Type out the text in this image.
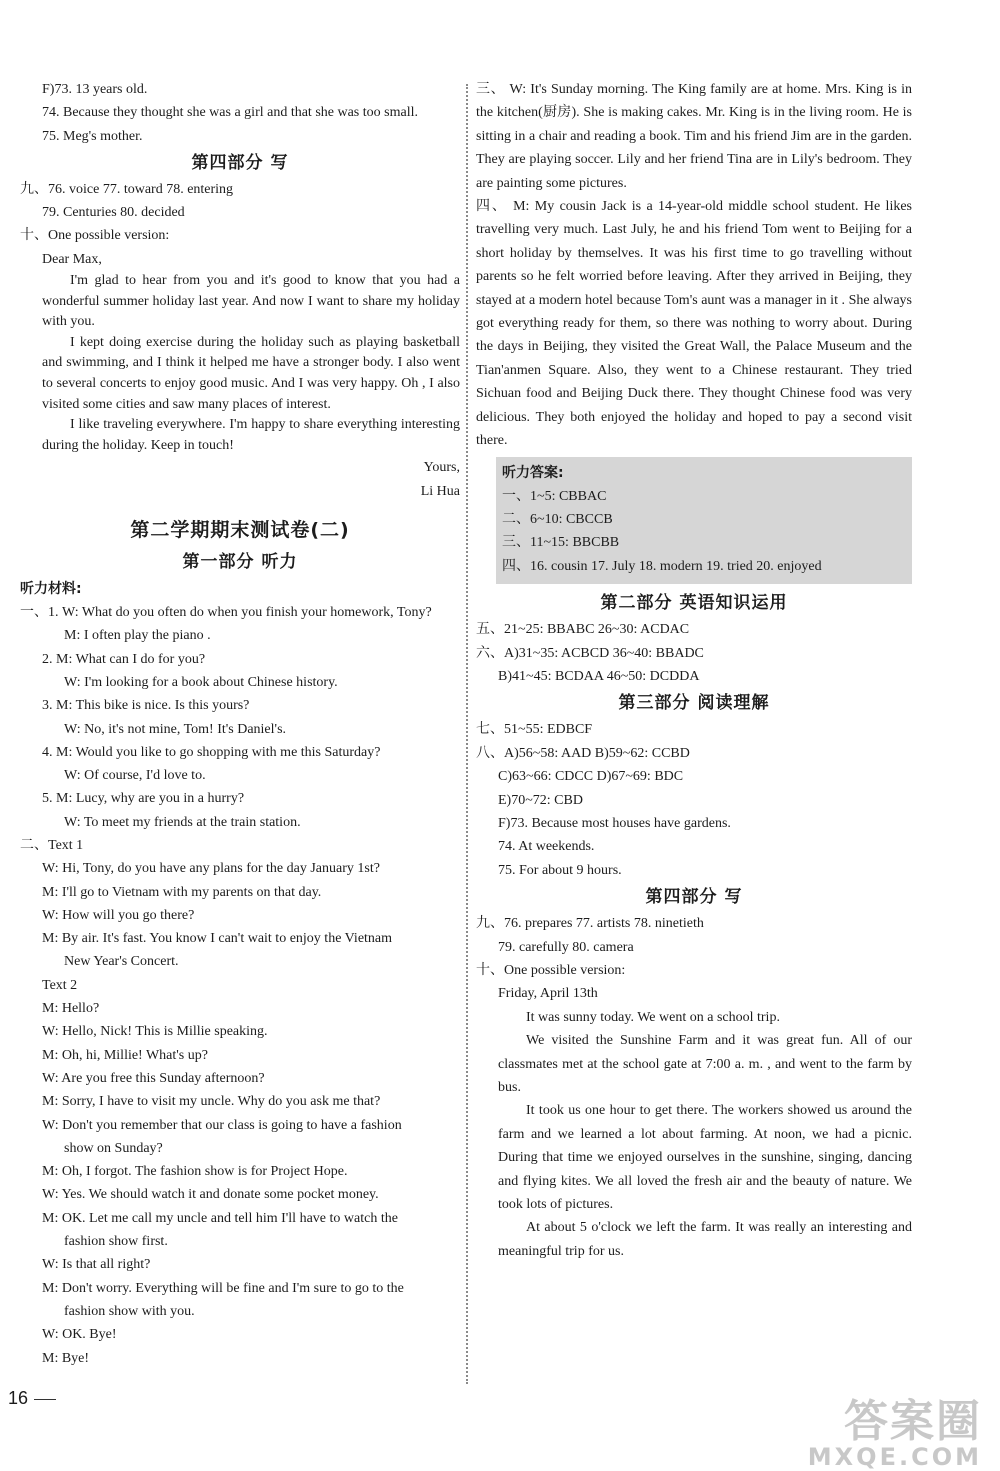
F)73. 13 years old.
74. Because they thought she was a girl and that she was too small.
75. Meg's mother.
第四部分 写
九、76. voice 77. toward 78. entering
79. Centuries 80. decided
十、One possible version:
Dear Max,
I'm glad to hear from you and it's good to know that you had a wonderful summer holiday last year. And now I want to share my holiday with you.
I kept doing exercise during the holiday such as playing basketball and swimming, and I think it helped me have a stronger body. I also went to several concerts to enjoy good music. And I was very happy. Oh , I also visited some cities and saw many places of interest.
I like traveling everywhere. I'm happy to share everything interesting during the holiday. Keep in touch!
Yours,
Li Hua
第二学期期末测试卷(二)
第一部分 听力
听力材料:
一、1. W: What do you often do when you finish your homework, Tony?
M: I often play the piano .
2. M: What can I do for you?
W: I'm looking for a book about Chinese history.
3. M: This bike is nice. Is this yours?
W: No, it's not mine, Tom! It's Daniel's.
4. M: Would you like to go shopping with me this Saturday?
W: Of course, I'd love to.
5. M: Lucy, why are you in a hurry?
W: To meet my friends at the train station.
二、Text 1
W: Hi, Tony, do you have any plans for the day January 1st?
M: I'll go to Vietnam with my parents on that day.
W: How will you go there?
M: By air. It's fast. You know I can't wait to enjoy the Vietnam
New Year's Concert.
Text 2
M: Hello?
W: Hello, Nick! This is Millie speaking.
M: Oh, hi, Millie! What's up?
W: Are you free this Sunday afternoon?
M: Sorry, I have to visit my uncle. Why do you ask me that?
W: Don't you remember that our class is going to have a fashion
show on Sunday?
M: Oh, I forgot. The fashion show is for Project Hope.
W: Yes. We should watch it and donate some pocket money.
M: OK. Let me call my uncle and tell him I'll have to watch the
fashion show first.
W: Is that all right?
M: Don't worry. Everything will be fine and I'm sure to go to the
fashion show with you.
W: OK. Bye!
M: Bye!
三、 W: It's Sunday morning. The King family are at home. Mrs. King is in the kitchen(厨房). She is making cakes. Mr. King is in the living room. He is sitting in a chair and reading a book. Tim and his friend Jim are in the garden. They are playing soccer. Lily and her friend Tina are in Lily's bedroom. They are painting some pictures.
四、 M: My cousin Jack is a 14-year-old middle school student. He likes travelling very much. Last July, he and his friend Tom went to Beijing for a short holiday by themselves. It was his first time to go travelling without parents so he felt worried before leaving. After they arrived in Beijing, they stayed at a modern hotel because Tom's aunt was a manager in it . She always got everything ready for them, so there was nothing to worry about. During the days in Beijing, they visited the Great Wall, the Palace Museum and the Tian'anmen Square. Also, they went to a Chinese restaurant. They tried Sichuan food and Beijing Duck there. They thought Chinese food was very delicious. They both enjoyed the holiday and hoped to pay a second visit there.
听力答案:
一、1~5: CBBAC
二、6~10: CBCCB
三、11~15: BBCBB
四、16. cousin 17. July 18. modern 19. tried 20. enjoyed
第二部分 英语知识运用
五、21~25: BBABC 26~30: ACDAC
六、A)31~35: ACBCD 36~40: BBADC
B)41~45: BCDAA 46~50: DCDDA
第三部分 阅读理解
七、51~55: EDBCF
八、A)56~58: AAD B)59~62: CCBD
C)63~66: CDCC D)67~69: BDC
E)70~72: CBD
F)73. Because most houses have gardens.
74. At weekends.
75. For about 9 hours.
第四部分 写
九、76. prepares 77. artists 78. ninetieth
79. carefully 80. camera
十、One possible version:
Friday, April 13th
It was sunny today. We went on a school trip.
We visited the Sunshine Farm and it was great fun. All of our classmates met at the school gate at 7:00 a. m. , and went to the farm by bus.
It took us one hour to get there. The workers showed us around the farm and we learned a lot about farming. At noon, we had a picnic. During that time we enjoyed ourselves in the sunshine, singing, dancing and flying kites. We all loved the fresh air and the beauty of nature. We took lots of pictures.
At about 5 o'clock we left the farm. It was really an interesting and meaningful trip for us.
16	答案圈
MXQE.COM
